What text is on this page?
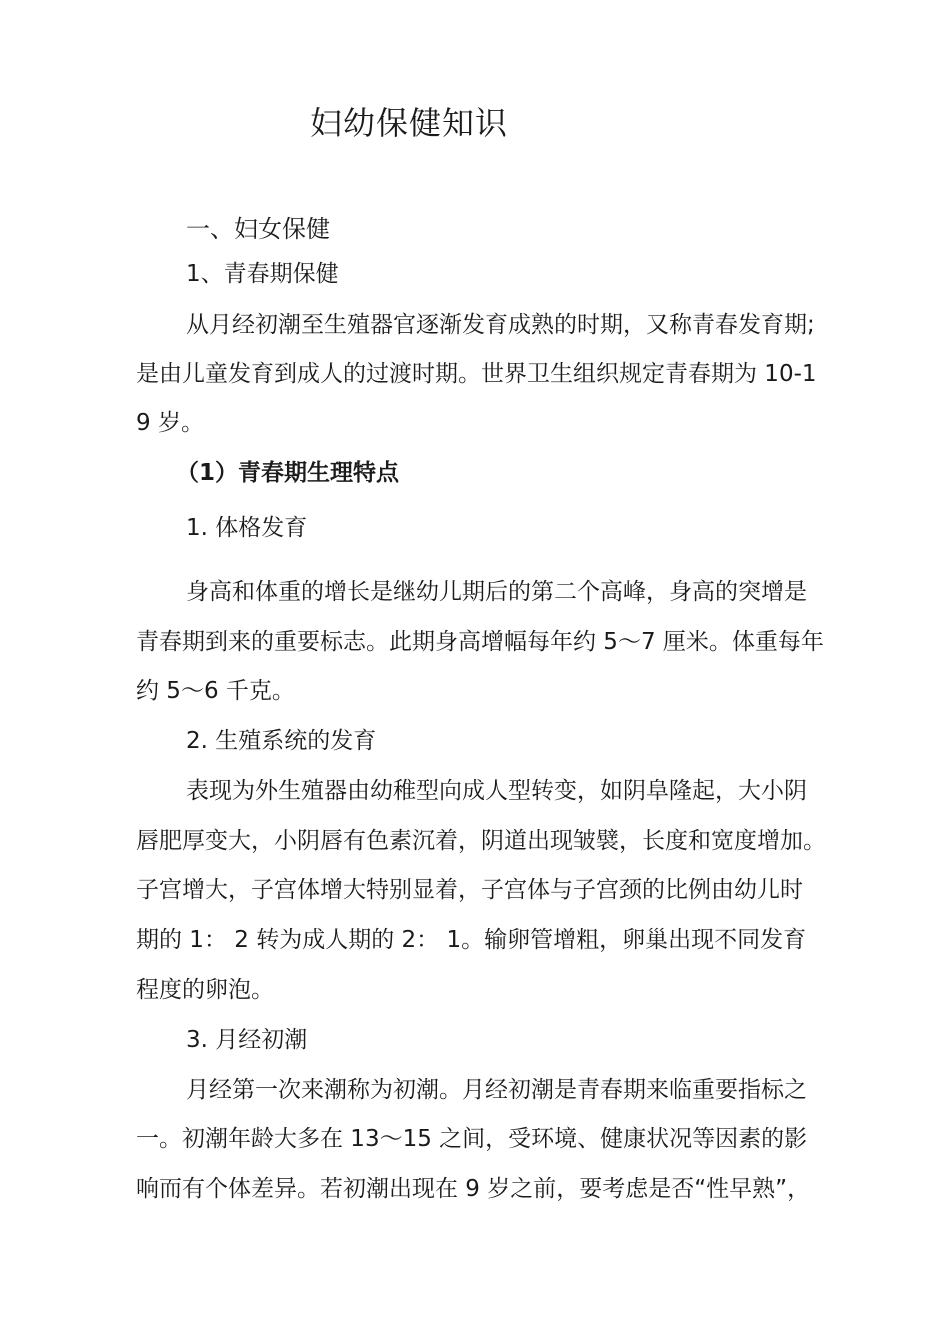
妇幼保健知识
一、妇女保健
1、青春期保健
从月经初潮至生殖器官逐渐发育成熟的时期，又称青春发育期;
是由儿童发育到成人的过渡时期。世界卫生组织规定青春期为 10-1
9 岁。
（1）青春期生理特点
1. 体格发育
身高和体重的增长是继幼儿期后的第二个高峰，身高的突增是
青春期到来的重要标志。此期身高增幅每年约 5～7 厘米。体重每年
约 5～6 千克。
2. 生殖系统的发育
表现为外生殖器由幼稚型向成人型转变，如阴阜隆起，大小阴
唇肥厚变大，小阴唇有色素沉着，阴道出现皱襞，长度和宽度增加。
子宫增大，子宫体增大特别显着，子宫体与子宫颈的比例由幼儿时
期的 1： 2 转为成人期的 2： 1。输卵管增粗，卵巢出现不同发育
程度的卵泡。
3. 月经初潮
月经第一次来潮称为初潮。月经初潮是青春期来临重要指标之
一。初潮年龄大多在 13～15 之间，受环境、健康状况等因素的影
响而有个体差异。若初潮出现在 9 岁之前，要考虑是否“性早熟”，
